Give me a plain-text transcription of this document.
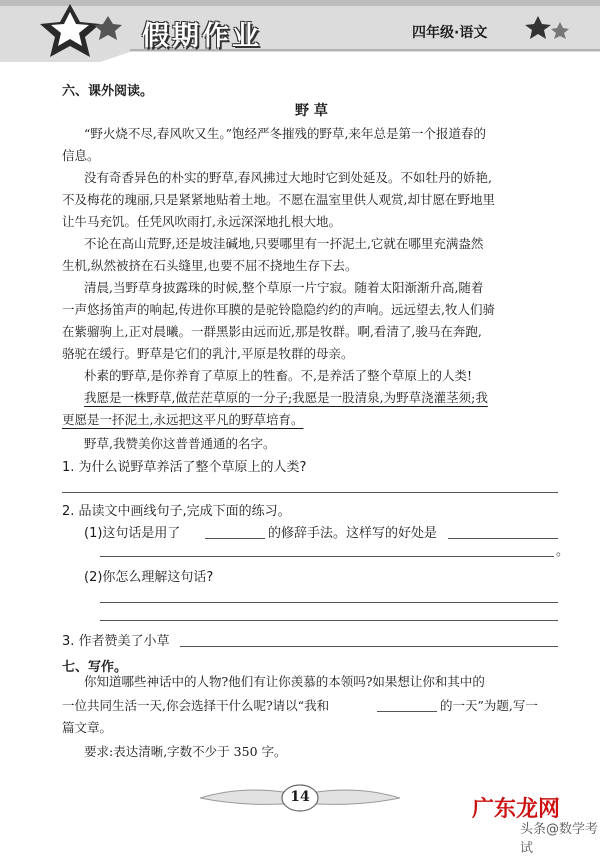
假期作业	四年级·语文
六、课外阅读。
野 草
“野火烧不尽,春风吹又生。”饱经严冬摧残的野草,来年总是第一个报道春的
信息。
没有奇香异色的朴实的野草,春风拂过大地时它到处延及。不如牡丹的娇艳,
不及梅花的瑰丽,只是紧紧地贴着土地。不愿在温室里供人观赏,却甘愿在野地里
让牛马充饥。任凭风吹雨打,永远深深地扎根大地。
不论在高山荒野,还是坡洼碱地,只要哪里有一抔泥土,它就在哪里充满盎然
生机,纵然被挤在石头缝里,也要不屈不挠地生存下去。
清晨,当野草身披露珠的时候,整个草原一片宁寂。随着太阳渐渐升高,随着
一声悠扬笛声的响起,传进你耳膜的是驼铃隐隐约约的声响。远远望去,牧人们骑
在紫骝驹上,正对晨曦。一群黑影由远而近,那是牧群。啊,看清了,骏马在奔跑,
骆驼在缓行。野草是它们的乳汁,平原是牧群的母亲。
朴素的野草,是你养育了草原上的牲畜。不,是养活了整个草原上的人类!
我愿是一株野草,做茫茫草原的一分子;我愿是一股清泉,为野草浇灌茎须;我
更愿是一抔泥土,永远把这平凡的野草培育。
野草,我赞美你这普普通通的名字。
1. 为什么说野草养活了整个草原上的人类?
2. 品读文中画线句子,完成下面的练习。
(1)这句话是用了	的修辞手法。这样写的好处是
。
(2)你怎么理解这句话?
3. 作者赞美了小草
七、写作。
你知道哪些神话中的人物?他们有让你羡慕的本领吗?如果想让你和其中的
一位共同生活一天,你会选择干什么呢?请以“我和	的一天”为题,写一
篇文章。
要求:表达清晰,字数不少于 350 字。
14	广东龙网
头条@数学考试
